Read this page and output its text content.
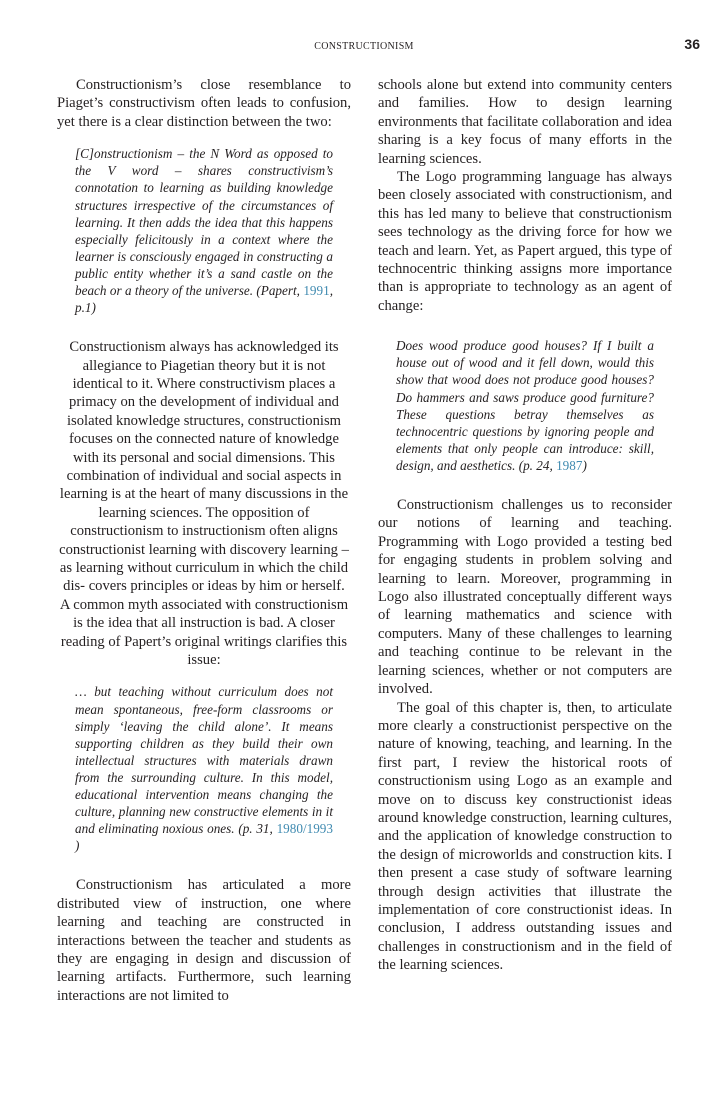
CONSTRUCTIONISM	36

Constructionism’s close resemblance to Piaget’s constructivism often leads to confusion, yet there is a clear distinction between the two:

[C]onstructionism – the N Word as opposed to the V word – shares constructivism’s connotation to learning as building knowledge structures irrespective of the circumstances of learning. It then adds the idea that this happens especially felicitously in a context where the learner is consciously engaged in constructing a public entity whether it’s a sand castle on the beach or a theory of the universe. (Papert, 1991, p.1)

Constructionism always has acknowledged its allegiance to Piagetian theory but it is not identical to it. Where constructivism places a primacy on the development of individual and isolated knowledge structures, constructionism focuses on the connected nature of knowledge with its personal and social dimensions. This combination of individual and social aspects in learning is at the heart of many discussions in the learning sciences. The opposition of constructionism to instructionism often aligns constructionist learning with discovery learning – as learning without curriculum in which the child dis- covers principles or ideas by him or herself. A common myth associated with constructionism is the idea that all instruction is bad. A closer reading of Papert’s original writings clarifies this issue:

… but teaching without curriculum does not mean spontaneous, free-form classrooms or simply ‘leaving the child alone’. It means supporting children as they build their own intellectual structures with materials drawn from the surrounding culture. In this model, educational intervention means changing the culture, planning new constructive elements in it and eliminating noxious ones. (p. 31, 1980/1993 )

Constructionism has articulated a more distributed view of instruction, one where learning and teaching are constructed in interactions between the teacher and students as they are engaging in design and discussion of learning artifacts. Furthermore, such learning interactions are not limited to

schools alone but extend into community centers and families. How to design learning environments that facilitate collaboration and idea sharing is a key focus of many efforts in the learning sciences.

The Logo programming language has always been closely associated with constructionism, and this has led many to believe that constructionism sees technology as the driving force for how we teach and learn. Yet, as Papert argued, this type of technocentric thinking assigns more importance than is appropriate to technology as an agent of change:

Does wood produce good houses? If I built a house out of wood and it fell down, would this show that wood does not produce good houses? Do hammers and saws produce good furniture? These questions betray themselves as technocentric questions by ignoring people and elements that only people can introduce: skill, design, and aesthetics. (p. 24, 1987)

Constructionism challenges us to reconsider our notions of learning and teaching. Programming with Logo provided a testing bed for engaging students in problem solving and learning to learn. Moreover, programming in Logo also illustrated conceptually different ways of learning mathematics and science with computers. Many of these challenges to learning and teaching continue to be relevant in the learning sciences, whether or not computers are involved.

The goal of this chapter is, then, to articulate more clearly a constructionist perspective on the nature of knowing, teaching, and learning. In the first part, I review the historical roots of constructionism using Logo as an example and move on to discuss key constructionist ideas around knowledge construction, learning cultures, and the application of knowledge construction to the design of microworlds and construction kits. I then present a case study of software learning through design activities that illustrate the implementation of core constructionist ideas. In conclusion, I address outstanding issues and challenges in constructionism and in the field of the learning sciences.
